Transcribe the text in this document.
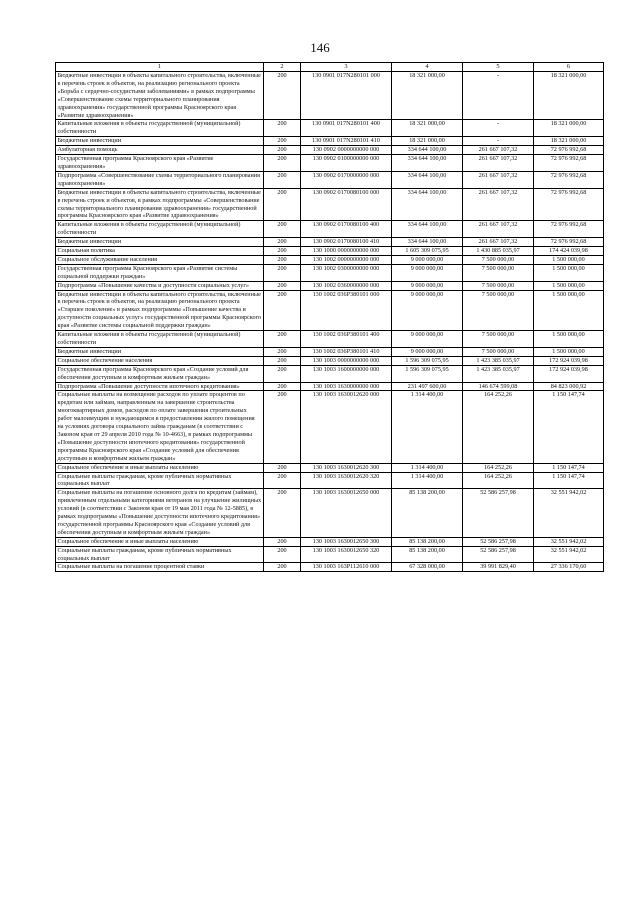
146
1	2	3	4	5	6
Бюджетные инвестиции в объекты капитального строительства, включенные в перечень строек и объектов, на реализацию регионального проекта «Борьба с сердечно-сосудистыми заболеваниями» в рамках подпрограммы «Совершенствование схемы территориального планирования здравоохранения» государственной программы Красноярского края «Развитие здравоохранения»	200	130 0901 017N280101 000	18 321 000,00	-	18 321 000,00
Капитальные вложения в объекты государственной (муниципальной) собственности	200	130 0901 017N280101 400	18 321 000,00	-	18 321 000,00
Бюджетные инвестиции	200	130 0901 017N280101 410	18 321 000,00	-	18 321 000,00
Амбулаторная помощь	200	130 0902 0000000000 000	334 644 100,00	261 667 107,32	72 976 992,68
Государственная программа Красноярского края «Развитие здравоохранения»	200	130 0902 0100000000 000	334 644 100,00	261 667 107,32	72 976 992,68
Подпрограмма «Совершенствование схемы территориального планирования здравоохранения»	200	130 0902 0170000000 000	334 644 100,00	261 667 107,32	72 976 992,68
Бюджетные инвестиции в объекты капитального строительства, включенные в перечень строек и объектов, в рамках подпрограммы «Совершенствование схемы территориального планирования здравоохранения» государственной программы Красноярского края «Развитие здравоохранения»	200	130 0902 0170080100 000	334 644 100,00	261 667 107,32	72 976 992,68
Капитальные вложения в объекты государственной (муниципальной) собственности	200	130 0902 0170080100 400	334 644 100,00	261 667 107,32	72 976 992,68
Бюджетные инвестиции	200	130 0902 0170080100 410	334 644 100,00	261 667 107,32	72 976 992,68
Социальная политика	200	130 1000 0000000000 000	1 605 309 075,95	1 430 885 035,97	174 424 039,98
Социальное обслуживание населения	200	130 1002 0000000000 000	9 000 000,00	7 500 000,00	1 500 000,00
Государственная программа Красноярского края «Развитие системы социальной поддержки граждан»	200	130 1002 0300000000 000	9 000 000,00	7 500 000,00	1 500 000,00
Подпрограмма «Повышение качества и доступности социальных услуг»	200	130 1002 0360000000 000	9 000 000,00	7 500 000,00	1 500 000,00
Бюджетные инвестиции в объекты капитального строительства, включенные в перечень строек и объектов, на реализацию регионального проекта «Старшее поколение» в рамках подпрограммы «Повышение качества и доступности социальных услуг» государственной программы Красноярского края «Развитие системы социальной поддержки граждан»	200	130 1002 036P380101 000	9 000 000,00	7 500 000,00	1 500 000,00
Капитальные вложения в объекты государственной (муниципальной) собственности	200	130 1002 036P380101 400	9 000 000,00	7 500 000,00	1 500 000,00
Бюджетные инвестиции	200	130 1002 036P380101 410	9 000 000,00	7 500 000,00	1 500 000,00
Социальное обеспечение населения	200	130 1003 0000000000 000	1 596 309 075,95	1 423 385 035,97	172 924 039,98
Государственная программа Красноярского края «Создание условий для обеспечения доступным и комфортным жильем граждан»	200	130 1003 1600000000 000	1 596 309 075,95	1 423 385 035,97	172 924 039,98
Подпрограмма «Повышение доступности ипотечного кредитования»	200	130 1003 1630000000 000	231 497 600,00	146 674 599,08	84 823 000,92
Социальные выплаты на возмещение расходов по уплате процентов по кредитам или займам, направленным на завершение строительства многоквартирных домов, расходов по оплате завершения строительных работ малоимущим и нуждающимся в предоставлении жилого помещения на условиях договора социального займа гражданам (в соответствии с Законом края от 29 апреля 2010 года № 10-4663), в рамках подпрограммы «Повышение доступности ипотечного кредитования» государственной программы Красноярского края «Создание условий для обеспечения доступным и комфортным жильем граждан»	200	130 1003 1630012620 000	1 314 400,00	164 252,26	1 150 147,74
Социальное обеспечение и иные выплаты населению	200	130 1003 1630012620 300	1 314 400,00	164 252,26	1 150 147,74
Социальные выплаты гражданам, кроме публичных нормативных социальных выплат	200	130 1003 1630012620 320	1 314 400,00	164 252,26	1 150 147,74
Социальные выплаты на погашение основного долга по кредитам (займам), привлеченным отдельными категориями ветеранов на улучшение жилищных условий (в соответствии с Законом края от 19 мая 2011 года № 12-5885), в рамках подпрограммы «Повышение доступности ипотечного кредитования» государственной программы Красноярского края «Создание условий для обеспечения доступным и комфортным жильем граждан»	200	130 1003 1630012650 000	85 138 200,00	52 586 257,98	32 551 942,02
Социальное обеспечение и иные выплаты населению	200	130 1003 1630012650 300	85 138 200,00	52 586 257,98	32 551 942,02
Социальные выплаты гражданам, кроме публичных нормативных социальных выплат	200	130 1003 1630012650 320	85 138 200,00	52 586 257,98	32 551 942,02
Социальные выплаты на погашение процентной ставки	200	130 1003 163P112610 000	67 328 000,00	39 991 829,40	27 336 170,60
